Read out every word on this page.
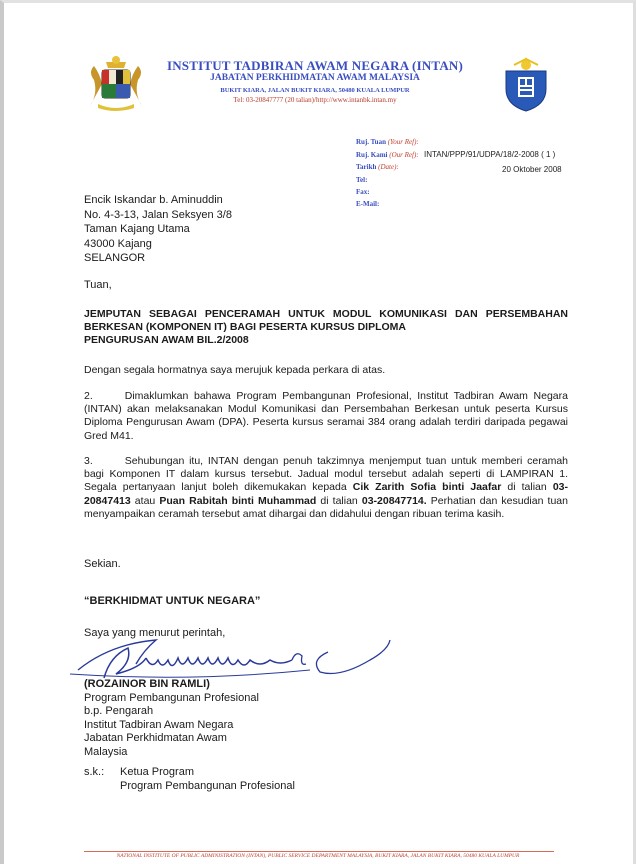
INSTITUT TADBIRAN AWAM NEGARA (INTAN)
JABATAN PERKHIDMATAN AWAM MALAYSIA
BUKIT KIARA, JALAN BUKIT KIARA, 50480 KUALA LUMPUR
Tel: 03-20847777 (20 talian)/http://www.intanbk.intan.my
Ruj. Tuan (Your Ref):
Ruj. Kami (Our Ref): INTAN/PPP/91/UDPA/18/2-2008 ( 1 )
Tarikh (Date):	20 Oktober 2008
Tel:
Fax:
E-Mail:
Encik Iskandar b. Aminuddin
No. 4-3-13, Jalan Seksyen 3/8
Taman Kajang Utama
43000 Kajang
SELANGOR
Tuan,
JEMPUTAN SEBAGAI PENCERAMAH UNTUK MODUL KOMUNIKASI DAN PERSEMBAHAN BERKESAN (KOMPONEN IT) BAGI PESERTA KURSUS DIPLOMA
PENGURUSAN AWAM BIL.2/2008
Dengan segala hormatnya saya merujuk kepada perkara di atas.
2.	Dimaklumkan bahawa Program Pembangunan Profesional, Institut Tadbiran Awam Negara (INTAN) akan melaksanakan Modul Komunikasi dan Persembahan Berkesan untuk peserta Kursus Diploma Pengurusan Awam (DPA). Peserta kursus seramai 384 orang adalah terdiri daripada pegawai Gred M41.
3.	Sehubungan itu, INTAN dengan penuh takzimnya menjemput tuan untuk memberi ceramah bagi Komponen IT dalam kursus tersebut. Jadual modul tersebut adalah seperti di LAMPIRAN 1. Segala pertanyaan lanjut boleh dikemukakan kepada Cik Zarith Sofia binti Jaafar di talian 03-20847413 atau Puan Rabitah binti Muhammad di talian 03-20847714. Perhatian dan kesudian tuan menyampaikan ceramah tersebut amat dihargai dan didahului dengan ribuan terima kasih.
Sekian.
“BERKHIDMAT UNTUK NEGARA”
Saya yang menurut perintah,
(ROZAINOR BIN RAMLI)
Program Pembangunan Profesional
b.p. Pengarah
Institut Tadbiran Awam Negara
Jabatan Perkhidmatan Awam
Malaysia
s.k.: Ketua Program
Program Pembangunan Profesional
NATIONAL INSTITUTE OF PUBLIC ADMINISTRATION (INTAN), PUBLIC SERVICE DEPARTMENT MALAYSIA, BUKIT KIARA, JALAN BUKIT KIARA, 50480 KUALA LUMPUR
